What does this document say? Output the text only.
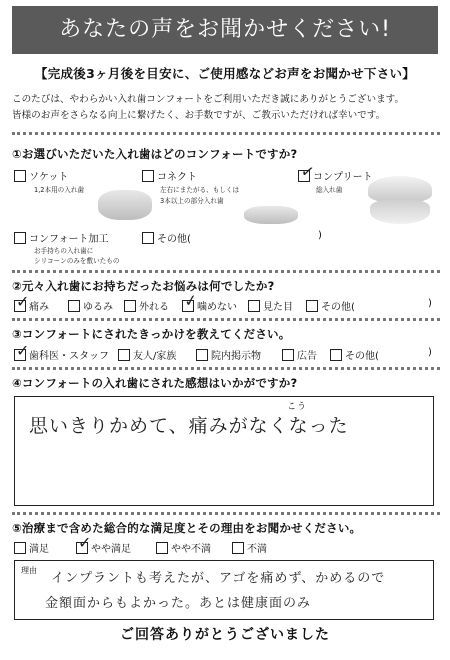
あなたの声をお聞かせください!
【完成後3ヶ月後を目安に、ご使用感などお声をお聞かせ下さい】
このたびは、やわらかい入れ歯コンフォートをご利用いただき誠にありがとうございます。
皆様のお声をさらなる向上に繋げたく、お手数ですが、ご教示いただければ幸いです。
①お選びいただいた入れ歯はどのコンフォートですか?
ソケット
1,2本用の入れ歯
コネクト
左右にまたがる、もしくは
3本以上の部分入れ歯
コンプリート
✓
総入れ歯
コンフォート加工
お手持ちの入れ歯に
シリコーンのみを敷いたもの
その他(	)
②元々入れ歯にお持ちだったお悩みは何でしたか?
痛み
✓	ゆるみ	外れる	噛めない
✓	見た目	その他(	)
③コンフォートにされたきっかけを教えてください。
歯科医・スタッフ
✓	友人/家族	院内掲示物	広告	その他(	)
④コンフォートの入れ歯にされた感想はいかがですか?
思いきりかめて、痛みがなくなった
こう
⑤治療まで含めた総合的な満足度とその理由をお聞かせください。
満足	やや満足
✓	やや不満	不満
理由
インプラントも考えたが、アゴを痛めず、かめるので
金額面からもよかった。あとは健康面のみ
ご回答ありがとうございました
